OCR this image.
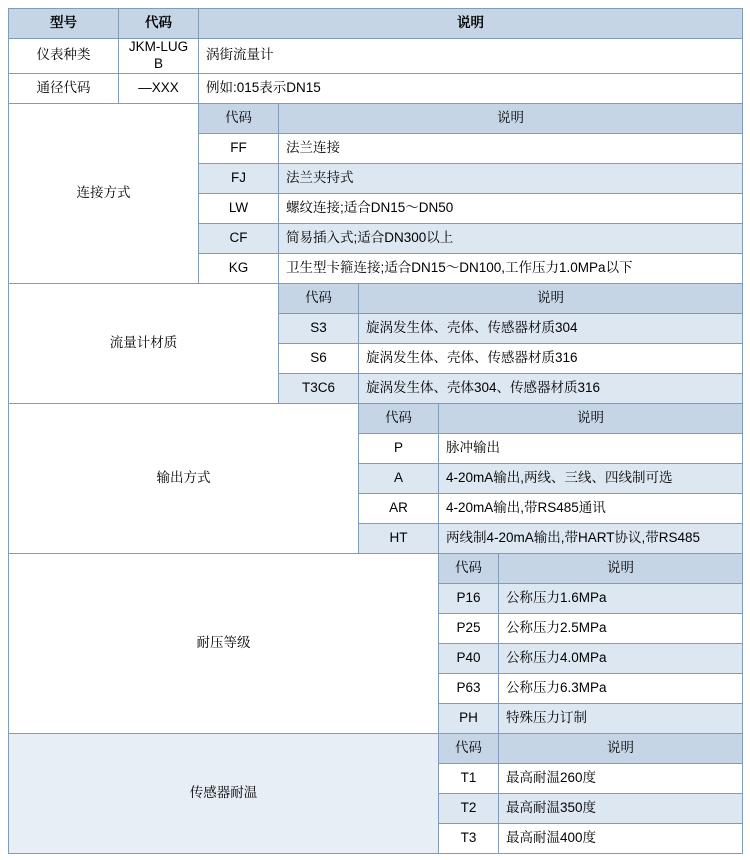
型号	代码	说明				
仪表种类	JKM-LUGB	涡街流量计				
通径代码	—XXX	例如:015表示DN15				
连接方式		代码	说明			
		FF	法兰连接			
		FJ	法兰夹持式			
		LW	螺纹连接;适合DN15～DN50			
		CF	简易插入式;适合DN300以上			
		KG	卫生型卡箍连接;适合DN15～DN100,工作压力1.0MPa以下			
流量计材质			代码	说明		
			S3	旋涡发生体、壳体、传感器材质304		
			S6	旋涡发生体、壳体、传感器材质316		
			T3C6	旋涡发生体、壳体304、传感器材质316		
输出方式				代码	说明	
				P	脉冲输出	
				A	4-20mA输出,两线、三线、四线制可选	
				AR	4-20mA输出,带RS485通讯	
				HT	两线制4-20mA输出,带HART协议,带RS485	
耐压等级					代码	说明
					P16	公称压力1.6MPa
					P25	公称压力2.5MPa
					P40	公称压力4.0MPa
					P63	公称压力6.3MPa
					PH	特殊压力订制
传感器耐温					代码	说明
					T1	最高耐温260度
					T2	最高耐温350度
					T3	最高耐温400度
